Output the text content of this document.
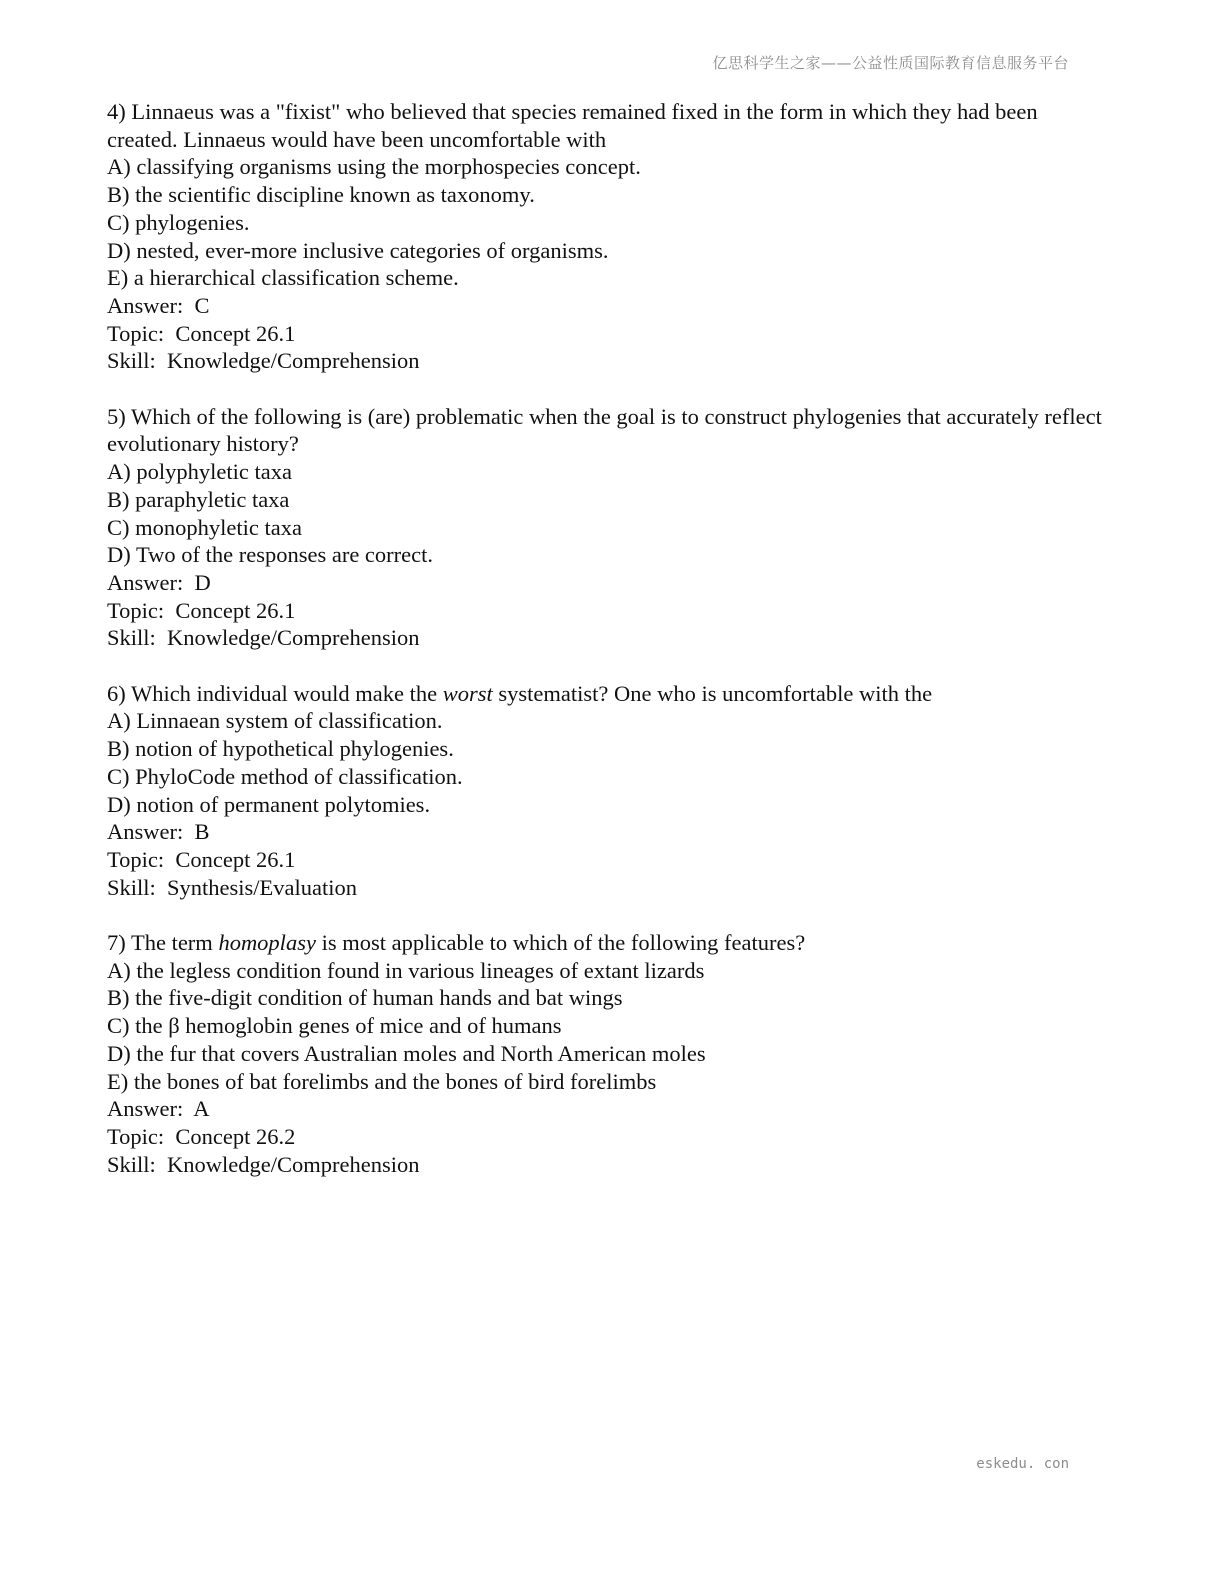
亿思科学生之家——公益性质国际教育信息服务平台
4) Linnaeus was a "fixist" who believed that species remained fixed in the form in which they had been created. Linnaeus would have been uncomfortable with
A) classifying organisms using the morphospecies concept.
B) the scientific discipline known as taxonomy.
C) phylogenies.
D) nested, ever-more inclusive categories of organisms.
E) a hierarchical classification scheme.
Answer:  C
Topic:  Concept 26.1
Skill:  Knowledge/Comprehension
5) Which of the following is (are) problematic when the goal is to construct phylogenies that accurately reflect evolutionary history?
A) polyphyletic taxa
B) paraphyletic taxa
C) monophyletic taxa
D) Two of the responses are correct.
Answer:  D
Topic:  Concept 26.1
Skill:  Knowledge/Comprehension
6) Which individual would make the worst systematist? One who is uncomfortable with the
A) Linnaean system of classification.
B) notion of hypothetical phylogenies.
C) PhyloCode method of classification.
D) notion of permanent polytomies.
Answer:  B
Topic:  Concept 26.1
Skill:  Synthesis/Evaluation
7) The term homoplasy is most applicable to which of the following features?
A) the legless condition found in various lineages of extant lizards
B) the five-digit condition of human hands and bat wings
C) the β hemoglobin genes of mice and of humans
D) the fur that covers Australian moles and North American moles
E) the bones of bat forelimbs and the bones of bird forelimbs
Answer:  A
Topic:  Concept 26.2
Skill:  Knowledge/Comprehension
eskedu. con
